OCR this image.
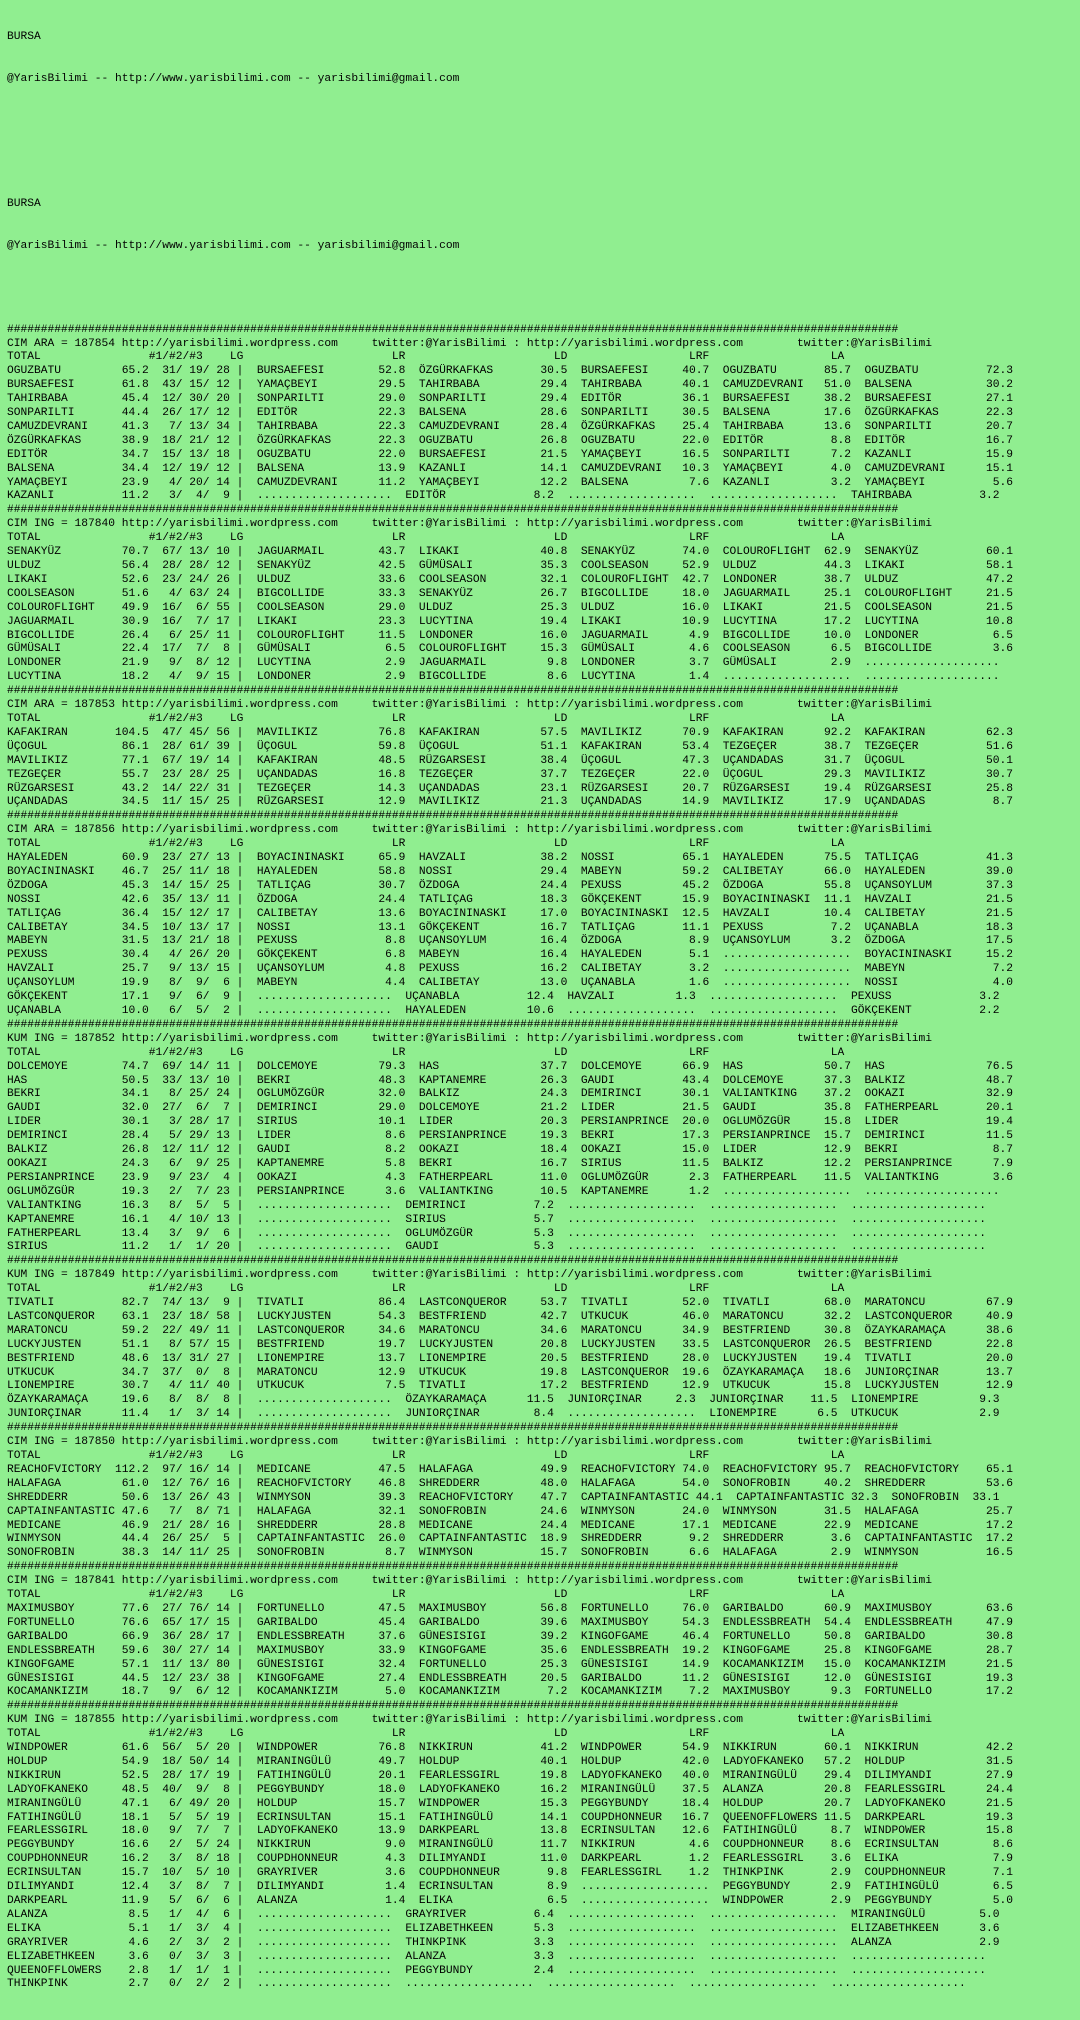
BURSA

@YarisBilimi -- http://www.yarisbilimi.com -- yarisbilimi@gmail.com

BURSA

@YarisBilimi -- http://www.yarisbilimi.com -- yarisbilimi@gmail.com

####################################################################################################################################
CIM ARA = 187854 http://yarisbilimi.wordpress.com     twitter:@YarisBilimi : http://yarisbilimi.wordpress.com        twitter:@YarisBilimi
TOTAL                #1/#2/#3    LG                      LR                      LD                  LRF                  LA
OGUZBATU         65.2  31/ 19/ 28 |  BURSAEFESI        52.8  ÖZGÜRKAFKAS       30.5  BURSAEFESI     40.7  OGUZBATU       85.7  OGUZBATU          72.3
BURSAEFESI       61.8  43/ 15/ 12 |  YAMAÇBEYI         29.5  TAHIRBABA         29.4  TAHIRBABA      40.1  CAMUZDEVRANI   51.0  BALSENA           30.2
TAHIRBABA        45.4  12/ 30/ 20 |  SONPARILTI        29.0  SONPARILTI        29.4  EDITÖR         36.1  BURSAEFESI     38.2  BURSAEFESI        27.1
SONPARILTI       44.4  26/ 17/ 12 |  EDITÖR            22.3  BALSENA           28.6  SONPARILTI     30.5  BALSENA        17.6  ÖZGÜRKAFKAS       22.3
CAMUZDEVRANI     41.3   7/ 13/ 34 |  TAHIRBABA         22.3  CAMUZDEVRANI      28.4  ÖZGÜRKAFKAS    25.4  TAHIRBABA      13.6  SONPARILTI        20.7
ÖZGÜRKAFKAS      38.9  18/ 21/ 12 |  ÖZGÜRKAFKAS       22.3  OGUZBATU          26.8  OGUZBATU       22.0  EDITÖR          8.8  EDITÖR            16.7
EDITÖR           34.7  15/ 13/ 18 |  OGUZBATU          22.0  BURSAEFESI        21.5  YAMAÇBEYI      16.5  SONPARILTI      7.2  KAZANLI           15.9
BALSENA          34.4  12/ 19/ 12 |  BALSENA           13.9  KAZANLI           14.1  CAMUZDEVRANI   10.3  YAMAÇBEYI       4.0  CAMUZDEVRANI      15.1
YAMAÇBEYI        23.9   4/ 20/ 14 |  CAMUZDEVRANI      11.2  YAMAÇBEYI         12.2  BALSENA         7.6  KAZANLI         3.2  YAMAÇBEYI          5.6
KAZANLI          11.2   3/  4/  9 |  ....................  EDITÖR             8.2  ...................  ...................  TAHIRBABA          3.2
####################################################################################################################################
CIM ING = 187840 http://yarisbilimi.wordpress.com     twitter:@YarisBilimi : http://yarisbilimi.wordpress.com        twitter:@YarisBilimi
TOTAL                #1/#2/#3    LG                      LR                      LD                  LRF                  LA
SENAKYÜZ         70.7  67/ 13/ 10 |  JAGUARMAIL        43.7  LIKAKI            40.8  SENAKYÜZ       74.0  COLOUROFLIGHT  62.9  SENAKYÜZ          60.1
ULDUZ            56.4  28/ 28/ 12 |  SENAKYÜZ          42.5  GÜMÜSALI          35.3  COOLSEASON     52.9  ULDUZ          44.3  LIKAKI            58.1
LIKAKI           52.6  23/ 24/ 26 |  ULDUZ             33.6  COOLSEASON        32.1  COLOUROFLIGHT  42.7  LONDONER       38.7  ULDUZ             47.2
COOLSEASON       51.6   4/ 63/ 24 |  BIGCOLLIDE        33.3  SENAKYÜZ          26.7  BIGCOLLIDE     18.0  JAGUARMAIL     25.1  COLOUROFLIGHT     21.5
COLOUROFLIGHT    49.9  16/  6/ 55 |  COOLSEASON        29.0  ULDUZ             25.3  ULDUZ          16.0  LIKAKI         21.5  COOLSEASON        21.5
JAGUARMAIL       30.9  16/  7/ 17 |  LIKAKI            23.3  LUCYTINA          19.4  LIKAKI         10.9  LUCYTINA       17.2  LUCYTINA          10.8
BIGCOLLIDE       26.4   6/ 25/ 11 |  COLOUROFLIGHT     11.5  LONDONER          16.0  JAGUARMAIL      4.9  BIGCOLLIDE     10.0  LONDONER           6.5
GÜMÜSALI         22.4  17/  7/  8 |  GÜMÜSALI           6.5  COLOUROFLIGHT     15.3  GÜMÜSALI        4.6  COOLSEASON      6.5  BIGCOLLIDE         3.6
LONDONER         21.9   9/  8/ 12 |  LUCYTINA           2.9  JAGUARMAIL         9.8  LONDONER        3.7  GÜMÜSALI        2.9  ....................
LUCYTINA         18.2   4/  9/ 15 |  LONDONER           2.9  BIGCOLLIDE         8.6  LUCYTINA        1.4  ...................  ....................
####################################################################################################################################
CIM ARA = 187853 http://yarisbilimi.wordpress.com     twitter:@YarisBilimi : http://yarisbilimi.wordpress.com        twitter:@YarisBilimi
TOTAL                #1/#2/#3    LG                      LR                      LD                  LRF                  LA
KAFAKIRAN       104.5  47/ 45/ 56 |  MAVILIKIZ         76.8  KAFAKIRAN         57.5  MAVILIKIZ      70.9  KAFAKIRAN      92.2  KAFAKIRAN         62.3
ÜÇOGUL           86.1  28/ 61/ 39 |  ÜÇOGUL            59.8  ÜÇOGUL            51.1  KAFAKIRAN      53.4  TEZGEÇER       38.7  TEZGEÇER          51.6
MAVILIKIZ        77.1  67/ 19/ 14 |  KAFAKIRAN         48.5  RÜZGARSESI        38.4  ÜÇOGUL         47.3  UÇANDADAS      31.7  ÜÇOGUL            50.1
TEZGEÇER         55.7  23/ 28/ 25 |  UÇANDADAS         16.8  TEZGEÇER          37.7  TEZGEÇER       22.0  ÜÇOGUL         29.3  MAVILIKIZ         30.7
RÜZGARSESI       43.2  14/ 22/ 31 |  TEZGEÇER          14.3  UÇANDADAS         23.1  RÜZGARSESI     20.7  RÜZGARSESI     19.4  RÜZGARSESI        25.8
UÇANDADAS        34.5  11/ 15/ 25 |  RÜZGARSESI        12.9  MAVILIKIZ         21.3  UÇANDADAS      14.9  MAVILIKIZ      17.9  UÇANDADAS          8.7
####################################################################################################################################
CIM ARA = 187856 http://yarisbilimi.wordpress.com     twitter:@YarisBilimi : http://yarisbilimi.wordpress.com        twitter:@YarisBilimi
TOTAL                #1/#2/#3    LG                      LR                      LD                  LRF                  LA
HAYALEDEN        60.9  23/ 27/ 13 |  BOYACININASKI     65.9  HAVZALI           38.2  NOSSI          65.1  HAYALEDEN      75.5  TATLIÇAG          41.3
BOYACININASKI    46.7  25/ 11/ 18 |  HAYALEDEN         58.8  NOSSI             29.4  MABEYN         59.2  CALIBETAY      66.0  HAYALEDEN         39.0
ÖZDOGA           45.3  14/ 15/ 25 |  TATLIÇAG          30.7  ÖZDOGA            24.4  PEXUSS         45.2  ÖZDOGA         55.8  UÇANSOYLUM        37.3
NOSSI            42.6  35/ 13/ 11 |  ÖZDOGA            24.4  TATLIÇAG          18.3  GÖKÇEKENT      15.9  BOYACININASKI  11.1  HAVZALI           21.5
TATLIÇAG         36.4  15/ 12/ 17 |  CALIBETAY         13.6  BOYACININASKI     17.0  BOYACININASKI  12.5  HAVZALI        10.4  CALIBETAY         21.5
CALIBETAY        34.5  10/ 13/ 17 |  NOSSI             13.1  GÖKÇEKENT         16.7  TATLIÇAG       11.1  PEXUSS          7.2  UÇANABLA          18.3
MABEYN           31.5  13/ 21/ 18 |  PEXUSS             8.8  UÇANSOYLUM        16.4  ÖZDOGA          8.9  UÇANSOYLUM      3.2  ÖZDOGA            17.5
PEXUSS           30.4   4/ 26/ 20 |  GÖKÇEKENT          6.8  MABEYN            16.4  HAYALEDEN       5.1  ...................  BOYACININASKI     15.2
HAVZALI          25.7   9/ 13/ 15 |  UÇANSOYLUM         4.8  PEXUSS            16.2  CALIBETAY       3.2  ...................  MABEYN             7.2
UÇANSOYLUM       19.9   8/  9/  6 |  MABEYN             4.4  CALIBETAY         13.0  UÇANABLA        1.6  ...................  NOSSI              4.0
GÖKÇEKENT        17.1   9/  6/  9 |  ....................  UÇANABLA          12.4  HAVZALI         1.3  ...................  PEXUSS             3.2
UÇANABLA         10.0   6/  5/  2 |  ....................  HAYALEDEN         10.6  ...................  ...................  GÖKÇEKENT          2.2
####################################################################################################################################
KUM ING = 187852 http://yarisbilimi.wordpress.com     twitter:@YarisBilimi : http://yarisbilimi.wordpress.com        twitter:@YarisBilimi
TOTAL                #1/#2/#3    LG                      LR                      LD                  LRF                  LA
DOLCEMOYE        74.7  69/ 14/ 11 |  DOLCEMOYE         79.3  HAS               37.7  DOLCEMOYE      66.9  HAS            50.7  HAS               76.5
HAS              50.5  33/ 13/ 10 |  BEKRI             48.3  KAPTANEMRE        26.3  GAUDI          43.4  DOLCEMOYE      37.3  BALKIZ            48.7
BEKRI            34.1   8/ 25/ 24 |  OGLUMÖZGÜR        32.0  BALKIZ            24.3  DEMIRINCI      30.1  VALIANTKING    37.2  OOKAZI            32.9
GAUDI            32.0  27/  6/  7 |  DEMIRINCI         29.0  DOLCEMOYE         21.2  LIDER          21.5  GAUDI          35.8  FATHERPEARL       20.1
LIDER            30.1   3/ 28/ 17 |  SIRIUS            10.1  LIDER             20.3  PERSIANPRINCE  20.0  OGLUMÖZGÜR     15.8  LIDER             19.4
DEMIRINCI        28.4   5/ 29/ 13 |  LIDER              8.6  PERSIANPRINCE     19.3  BEKRI          17.3  PERSIANPRINCE  15.7  DEMIRINCI         11.5
BALKIZ           26.8  12/ 11/ 12 |  GAUDI              8.2  OOKAZI            18.4  OOKAZI         15.0  LIDER          12.9  BEKRI              8.7
OOKAZI           24.3   6/  9/ 25 |  KAPTANEMRE         5.8  BEKRI             16.7  SIRIUS         11.5  BALKIZ         12.2  PERSIANPRINCE      7.9
PERSIANPRINCE    23.9   9/ 23/  4 |  OOKAZI             4.3  FATHERPEARL       11.0  OGLUMÖZGÜR      2.3  FATHERPEARL    11.5  VALIANTKING        3.6
OGLUMÖZGÜR       19.3   2/  7/ 23 |  PERSIANPRINCE      3.6  VALIANTKING       10.5  KAPTANEMRE      1.2  ...................  ....................
VALIANTKING      16.3   8/  5/  5 |  ....................  DEMIRINCI          7.2  ...................  ...................  ....................
KAPTANEMRE       16.1   4/ 10/ 13 |  ....................  SIRIUS             5.7  ...................  ...................  ....................
FATHERPEARL      13.4   3/  9/  6 |  ....................  OGLUMÖZGÜR         5.3  ...................  ...................  ....................
SIRIUS           11.2   1/  1/ 20 |  ....................  GAUDI              5.3  ...................  ...................  ....................
####################################################################################################################################
KUM ING = 187849 http://yarisbilimi.wordpress.com     twitter:@YarisBilimi : http://yarisbilimi.wordpress.com        twitter:@YarisBilimi
TOTAL                #1/#2/#3    LG                      LR                      LD                  LRF                  LA
TIVATLI          82.7  74/ 13/  9 |  TIVATLI           86.4  LASTCONQUEROR     53.7  TIVATLI        52.0  TIVATLI        68.0  MARATONCU         67.9
LASTCONQUEROR    63.1  23/ 18/ 58 |  LUCKYJUSTEN       54.3  BESTFRIEND        42.7  UTKUCUK        46.0  MARATONCU      32.2  LASTCONQUEROR     40.9
MARATONCU        59.2  22/ 49/ 11 |  LASTCONQUEROR     34.6  MARATONCU         34.6  MARATONCU      34.9  BESTFRIEND     30.8  ÖZAYKARAMAÇA      38.6
LUCKYJUSTEN      51.1   8/ 57/ 15 |  BESTFRIEND        19.7  LUCKYJUSTEN       20.8  LUCKYJUSTEN    33.5  LASTCONQUEROR  26.5  BESTFRIEND        22.8
BESTFRIEND       48.6  13/ 31/ 27 |  LIONEMPIRE        13.7  LIONEMPIRE        20.5  BESTFRIEND     28.0  LUCKYJUSTEN    19.4  TIVATLI           20.0
UTKUCUK          34.7  37/  0/  8 |  MARATONCU         12.9  UTKUCUK           19.8  LASTCONQUEROR  19.6  ÖZAYKARAMAÇA   18.6  JUNIORÇINAR       13.7
LIONEMPIRE       30.7   4/ 11/ 40 |  UTKUCUK            7.5  TIVATLI           17.2  BESTFRIEND     12.9  UTKUCUK        15.8  LUCKYJUSTEN       12.9
ÖZAYKARAMAÇA     19.6   8/  8/  8 |  ....................  ÖZAYKARAMAÇA      11.5  JUNIORÇINAR     2.3  JUNIORÇINAR    11.5  LIONEMPIRE         9.3
JUNIORÇINAR      11.4   1/  3/ 14 |  ....................  JUNIORÇINAR        8.4  ...................  LIONEMPIRE      6.5  UTKUCUK            2.9
####################################################################################################################################
CIM ING = 187850 http://yarisbilimi.wordpress.com     twitter:@YarisBilimi : http://yarisbilimi.wordpress.com        twitter:@YarisBilimi
TOTAL                #1/#2/#3    LG                      LR                      LD                  LRF                  LA
REACHOFVICTORY  112.2  97/ 16/ 14 |  MEDICANE          47.5  HALAFAGA          49.9  REACHOFVICTORY 74.0  REACHOFVICTORY 95.7  REACHOFVICTORY    65.1
HALAFAGA         61.0  12/ 76/ 16 |  REACHOFVICTORY    46.8  SHREDDERR         48.0  HALAFAGA       54.0  SONOFROBIN     40.2  SHREDDERR         53.6
SHREDDERR        50.6  13/ 26/ 43 |  WINMYSON          39.3  REACHOFVICTORY    47.7  CAPTAINFANTASTIC 44.1  CAPTAINFANTASTIC 32.3  SONOFROBIN  33.1
CAPTAINFANTASTIC 47.6   7/  8/ 71 |  HALAFAGA          32.1  SONOFROBIN        24.6  WINMYSON       24.0  WINMYSON       31.5  HALAFAGA          25.7
MEDICANE         46.9  21/ 28/ 16 |  SHREDDERR         28.8  MEDICANE          24.4  MEDICANE       17.1  MEDICANE       22.9  MEDICANE          17.2
WINMYSON         44.4  26/ 25/  5 |  CAPTAINFANTASTIC  26.0  CAPTAINFANTASTIC  18.9  SHREDDERR       9.2  SHREDDERR       3.6  CAPTAINFANTASTIC  17.2
SONOFROBIN       38.3  14/ 11/ 25 |  SONOFROBIN         8.7  WINMYSON          15.7  SONOFROBIN      6.6  HALAFAGA        2.9  WINMYSON          16.5
####################################################################################################################################
CIM ING = 187841 http://yarisbilimi.wordpress.com     twitter:@YarisBilimi : http://yarisbilimi.wordpress.com        twitter:@YarisBilimi
TOTAL                #1/#2/#3    LG                      LR                      LD                  LRF                  LA
MAXIMUSBOY       77.6  27/ 76/ 14 |  FORTUNELLO        47.5  MAXIMUSBOY        56.8  FORTUNELLO     76.0  GARIBALDO      60.9  MAXIMUSBOY        63.6
FORTUNELLO       76.6  65/ 17/ 15 |  GARIBALDO         45.4  GARIBALDO         39.6  MAXIMUSBOY     54.3  ENDLESSBREATH  54.4  ENDLESSBREATH     47.9
GARIBALDO        66.9  36/ 28/ 17 |  ENDLESSBREATH     37.6  GÜNESISIGI        39.2  KINGOFGAME     46.4  FORTUNELLO     50.8  GARIBALDO         30.8
ENDLESSBREATH    59.6  30/ 27/ 14 |  MAXIMUSBOY        33.9  KINGOFGAME        35.6  ENDLESSBREATH  19.2  KINGOFGAME     25.8  KINGOFGAME        28.7
KINGOFGAME       57.1  11/ 13/ 80 |  GÜNESISIGI        32.4  FORTUNELLO        25.3  GÜNESISIGI     14.9  KOCAMANKIZIM   15.0  KOCAMANKIZIM      21.5
GÜNESISIGI       44.5  12/ 23/ 38 |  KINGOFGAME        27.4  ENDLESSBREATH     20.5  GARIBALDO      11.2  GÜNESISIGI     12.0  GÜNESISIGI        19.3
KOCAMANKIZIM     18.7   9/  6/ 12 |  KOCAMANKIZIM       5.0  KOCAMANKIZIM       7.2  KOCAMANKIZIM    7.2  MAXIMUSBOY      9.3  FORTUNELLO        17.2
####################################################################################################################################
KUM ING = 187855 http://yarisbilimi.wordpress.com     twitter:@YarisBilimi : http://yarisbilimi.wordpress.com        twitter:@YarisBilimi
TOTAL                #1/#2/#3    LG                      LR                      LD                  LRF                  LA
WINDPOWER        61.6  56/  5/ 20 |  WINDPOWER         76.8  NIKKIRUN          41.2  WINDPOWER      54.9  NIKKIRUN       60.1  NIKKIRUN          42.2
HOLDUP           54.9  18/ 50/ 14 |  MIRANINGÜLÜ       49.7  HOLDUP            40.1  HOLDUP         42.0  LADYOFKANEKO   57.2  HOLDUP            31.5
NIKKIRUN         52.5  28/ 17/ 19 |  FATIHINGÜLÜ       20.1  FEARLESSGIRL      19.8  LADYOFKANEKO   40.0  MIRANINGÜLÜ    29.4  DILIMYANDI        27.9
LADYOFKANEKO     48.5  40/  9/  8 |  PEGGYBUNDY        18.0  LADYOFKANEKO      16.2  MIRANINGÜLÜ    37.5  ALANZA         20.8  FEARLESSGIRL      24.4
MIRANINGÜLÜ      47.1   6/ 49/ 20 |  HOLDUP            15.7  WINDPOWER         15.3  PEGGYBUNDY     18.4  HOLDUP         20.7  LADYOFKANEKO      21.5
FATIHINGÜLÜ      18.1   5/  5/ 19 |  ECRINSULTAN       15.1  FATIHINGÜLÜ       14.1  COUPDHONNEUR   16.7  QUEENOFFLOWERS 11.5  DARKPEARL         19.3
FEARLESSGIRL     18.0   9/  7/  7 |  LADYOFKANEKO      13.9  DARKPEARL         13.8  ECRINSULTAN    12.6  FATIHINGÜLÜ     8.7  WINDPOWER         15.8
PEGGYBUNDY       16.6   2/  5/ 24 |  NIKKIRUN           9.0  MIRANINGÜLÜ       11.7  NIKKIRUN        4.6  COUPDHONNEUR    8.6  ECRINSULTAN        8.6
COUPDHONNEUR     16.2   3/  8/ 18 |  COUPDHONNEUR       4.3  DILIMYANDI        11.0  DARKPEARL       1.2  FEARLESSGIRL    3.6  ELIKA              7.9
ECRINSULTAN      15.7  10/  5/ 10 |  GRAYRIVER          3.6  COUPDHONNEUR       9.8  FEARLESSGIRL    1.2  THINKPINK       2.9  COUPDHONNEUR       7.1
DILIMYANDI       12.4   3/  8/  7 |  DILIMYANDI         1.4  ECRINSULTAN        8.9  ...................  PEGGYBUNDY      2.9  FATIHINGÜLÜ        6.5
DARKPEARL        11.9   5/  6/  6 |  ALANZA             1.4  ELIKA              6.5  ...................  WINDPOWER       2.9  PEGGYBUNDY         5.0
ALANZA            8.5   1/  4/  6 |  ....................  GRAYRIVER          6.4  ...................  ...................  MIRANINGÜLÜ        5.0
ELIKA             5.1   1/  3/  4 |  ....................  ELIZABETHKEEN      5.3  ...................  ...................  ELIZABETHKEEN      3.6
GRAYRIVER         4.6   2/  3/  2 |  ....................  THINKPINK          3.3  ...................  ...................  ALANZA             2.9
ELIZABETHKEEN     3.6   0/  3/  3 |  ....................  ALANZA             3.3  ...................  ...................  ....................
QUEENOFFLOWERS    2.8   1/  1/  1 |  ....................  PEGGYBUNDY         2.4  ...................  ...................  ....................
THINKPINK         2.7   0/  2/  2 |  ....................  ...................  ...................  ...................  ....................
